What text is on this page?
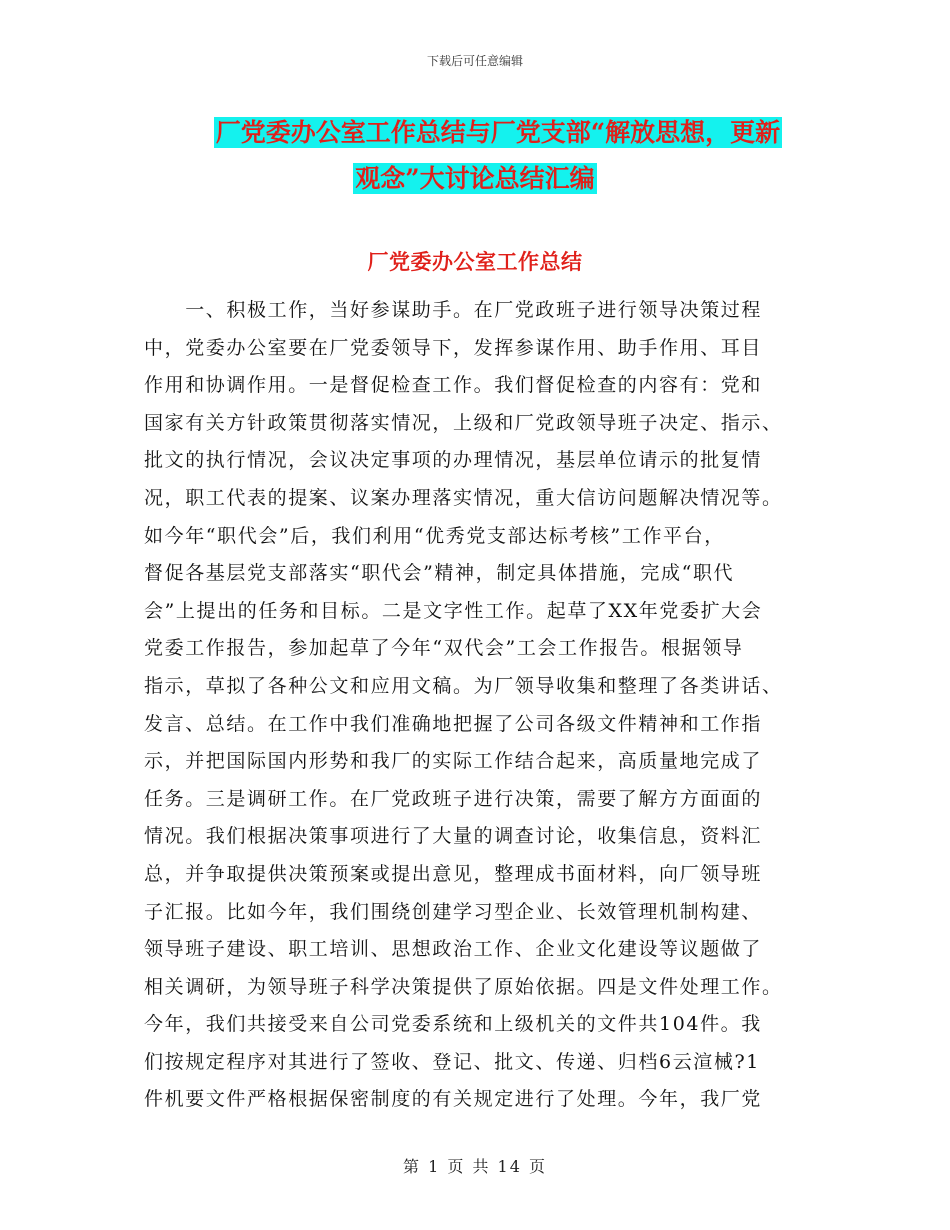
下载后可任意编辑
厂党委办公室工作总结与厂党支部“解放思想，更新
观念”大讨论总结汇编
厂党委办公室工作总结
　　一、积极工作，当好参谋助手。在厂党政班子进行领导决策过程
中，党委办公室要在厂党委领导下，发挥参谋作用、助手作用、耳目
作用和协调作用。一是督促检查工作。我们督促检查的内容有：党和
国家有关方针政策贯彻落实情况，上级和厂党政领导班子决定、指示、
批文的执行情况，会议决定事项的办理情况，基层单位请示的批复情
况，职工代表的提案、议案办理落实情况，重大信访问题解决情况等。
如今年“职代会”后，我们利用“优秀党支部达标考核”工作平台，
督促各基层党支部落实“职代会”精神，制定具体措施，完成“职代
会”上提出的任务和目标。二是文字性工作。起草了XX年党委扩大会
党委工作报告，参加起草了今年“双代会”工会工作报告。根据领导
指示，草拟了各种公文和应用文稿。为厂领导收集和整理了各类讲话、
发言、总结。在工作中我们准确地把握了公司各级文件精神和工作指
示，并把国际国内形势和我厂的实际工作结合起来，高质量地完成了
任务。三是调研工作。在厂党政班子进行决策，需要了解方方面面的
情况。我们根据决策事项进行了大量的调查讨论，收集信息，资料汇
总，并争取提供决策预案或提出意见，整理成书面材料，向厂领导班
子汇报。比如今年，我们围绕创建学习型企业、长效管理机制构建、
领导班子建设、职工培训、思想政治工作、企业文化建设等议题做了
相关调研，为领导班子科学决策提供了原始依据。四是文件处理工作。
今年，我们共接受来自公司党委系统和上级机关的文件共104件。我
们按规定程序对其进行了签收、登记、批文、传递、归档6云渲械?1
件机要文件严格根据保密制度的有关规定进行了处理。今年，我厂党
第 1 页 共 14 页
